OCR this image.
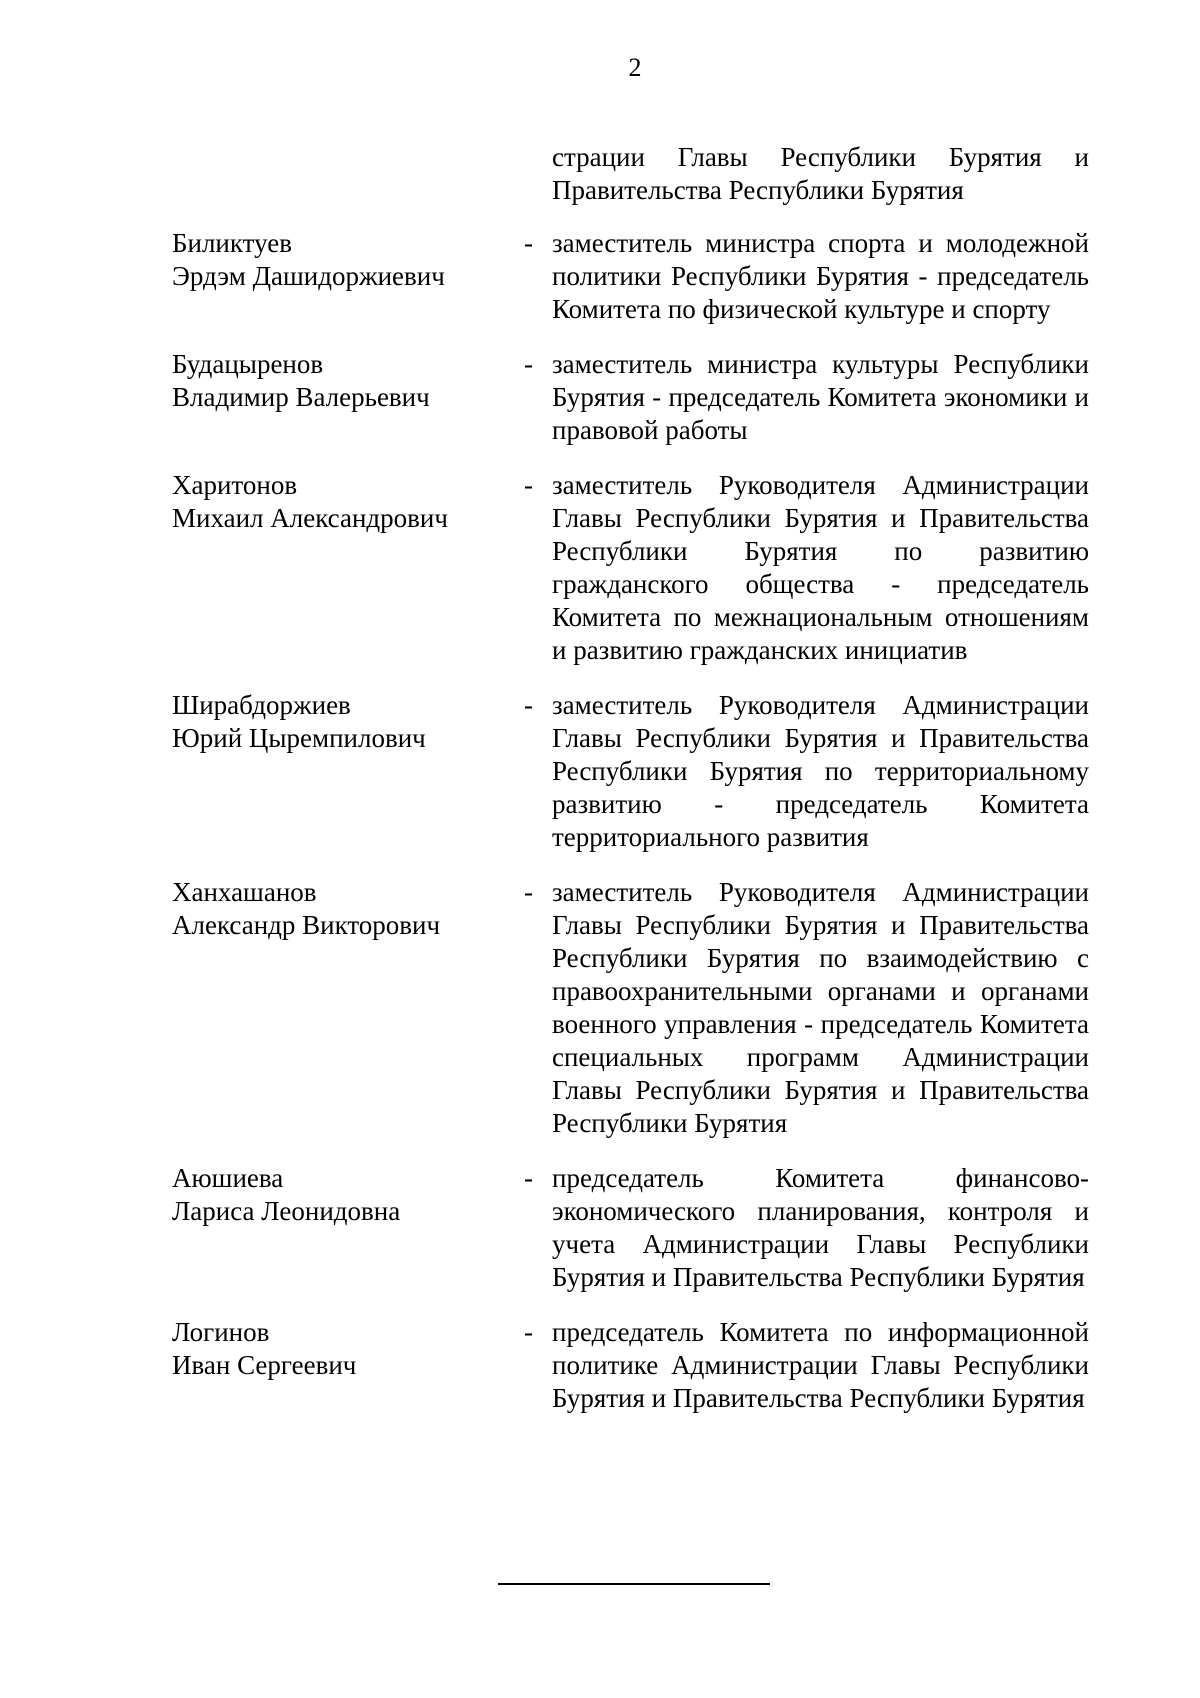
2
страции Главы Республики Бурятия и Правительства Республики Бурятия
Биликтуев
Эрдэм Дашидоржиевич
- заместитель министра спорта и молодежной политики Республики Бурятия - председатель Комитета по физической культуре и спорту
Будацыренов
Владимир Валерьевич
- заместитель министра культуры Республики Бурятия - председатель Комитета экономики и правовой работы
Харитонов
Михаил Александрович
- заместитель Руководителя Администрации Главы Республики Бурятия и Правительства Республики Бурятия по развитию гражданского общества - председатель Комитета по межнациональным отношениям и развитию гражданских инициатив
Ширабдоржиев
Юрий Цыремпилович
- заместитель Руководителя Администрации Главы Республики Бурятия и Правительства Республики Бурятия по территориальному развитию - председатель Комитета территориального развития
Ханхашанов
Александр Викторович
- заместитель Руководителя Администрации Главы Республики Бурятия и Правительства Республики Бурятия по взаимодействию с правоохранительными органами и органами военного управления - председатель Комитета специальных программ Администрации Главы Республики Бурятия и Правительства Республики Бурятия
Аюшиева
Лариса Леонидовна
- председатель Комитета финансово-экономического планирования, контроля и учета Администрации Главы Республики Бурятия и Правительства Республики Бурятия
Логинов
Иван Сергеевич
- председатель Комитета по информационной политике Администрации Главы Республики Бурятия и Правительства Республики Бурятия
